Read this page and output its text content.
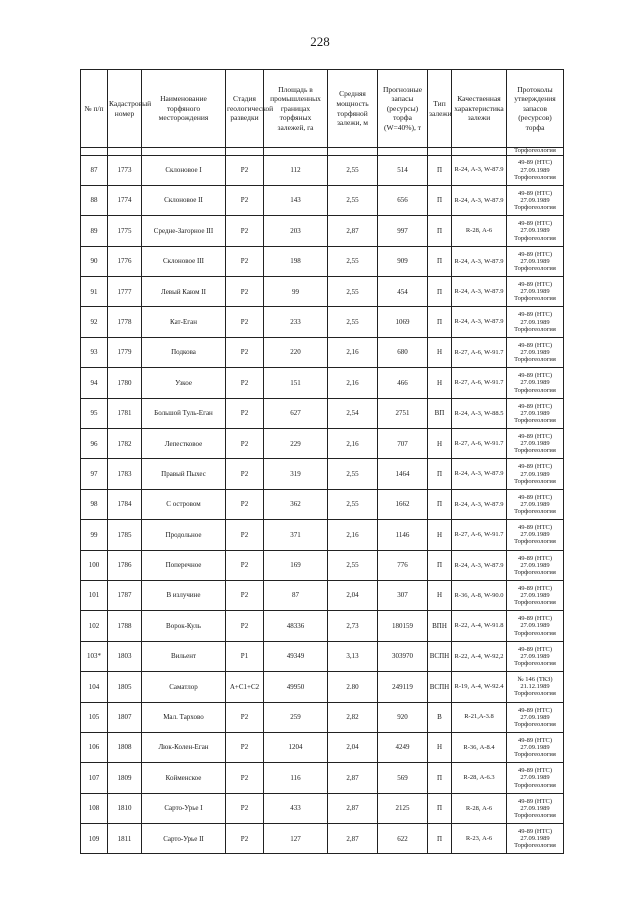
228
№ п/п	Кадастровый номер	Наименование торфяного месторождения	Стадия геологической разведки	Площадь в промышленных границах торфяных залежей, га	Средняя мощность торфяной залежи, м	Прогнозные запасы (ресурсы) торфа (W=40%), т	Тип залежи	Качественная характеристика залежи	Протоколы утверждения запасов (ресурсов) торфа
									Торфогеология
87	1773	Склоновое I	Р2	112	2,55	514	П	R-24, А-3, W-87.9	49-89 (НТС)
27.09.1989
Торфогеология

88	1774	Склоновое II	Р2	143	2,55	656	П	R-24, А-3, W-87.9	49-89 (НТС)
27.09.1989
Торфогеология

89	1775	Средне-Загорное III	Р2	203	2,87	997	П	R-28, А-6	49-89 (НТС)
27.09.1989
Торфогеология

90	1776	Склоновое III	Р2	198	2,55	909	П	R-24, А-3, W-87.9	49-89 (НТС)
27.09.1989
Торфогеология

91	1777	Левый Каюм II	Р2	99	2,55	454	П	R-24, А-3, W-87.9	49-89 (НТС)
27.09.1989
Торфогеология

92	1778	Кат-Еган	Р2	233	2,55	1069	П	R-24, А-3, W-87.9	49-89 (НТС)
27.09.1989
Торфогеология

93	1779	Подкова	Р2	220	2,16	680	Н	R-27, А-6, W-91.7	49-89 (НТС)
27.09.1989
Торфогеология

94	1780	Узкое	Р2	151	2,16	466	Н	R-27, А-6, W-91.7	49-89 (НТС)
27.09.1989
Торфогеология

95	1781	Большой Туль-Еган	Р2	627	2,54	2751	ВП	R-24, А-3, W-88.5	49-89 (НТС)
27.09.1989
Торфогеология

96	1782	Лепестковое	Р2	229	2,16	707	Н	R-27, А-6, W-91.7	49-89 (НТС)
27.09.1989
Торфогеология

97	1783	Правый Пыхес	Р2	319	2,55	1464	П	R-24, А-3, W-87.9	49-89 (НТС)
27.09.1989
Торфогеология

98	1784	С островом	Р2	362	2,55	1662	П	R-24, А-3, W-87.9	49-89 (НТС)
27.09.1989
Торфогеология

99	1785	Продольное	Р2	371	2,16	1146	Н	R-27, А-6, W-91.7	49-89 (НТС)
27.09.1989
Торфогеология

100	1786	Поперечное	Р2	169	2,55	776	П	R-24, А-3, W-87.9	49-89 (НТС)
27.09.1989
Торфогеология

101	1787	В излучине	Р2	87	2,04	307	Н	R-36, А-8, W-90.0	49-89 (НТС)
27.09.1989
Торфогеология

102	1788	Ворок-Куль	Р2	48336	2,73	180159	ВПН	R-22, А-4, W-91.8	49-89 (НТС)
27.09.1989
Торфогеология

103*	1803	Вильент	Р1	49349	3,13	303970	ВСПН	R-22, А-4, W-92,2	49-89 (НТС)
27.09.1989
Торфогеология

104	1805	Саматлор	А+С1+С2	49950	2.80	249119	ВСПН	R-19, А-4, W-92.4	№ 146 (ТКЗ)
21.12.1989
Торфогеология

105	1807	Мал. Тархово	Р2	259	2,82	920	В	R-21,А-3.8	49-89 (НТС)
27.09.1989
Торфогеология

106	1808	Люк-Колен-Еган	Р2	1204	2,04	4249	Н	R-36, А-8.4	49-89 (НТС)
27.09.1989
Торфогеология

107	1809	Койменское	Р2	116	2,87	569	П	R-28, А-6.3	49-89 (НТС)
27.09.1989
Торфогеология

108	1810	Сарто-Урье I	Р2	433	2,87	2125	П	R-28, А-6	49-89 (НТС)
27.09.1989
Торфогеология

109	1811	Сарто-Урье II	Р2	127	2,87	622	П	R-23, А-6	49-89 (НТС)
27.09.1989
Торфогеология
